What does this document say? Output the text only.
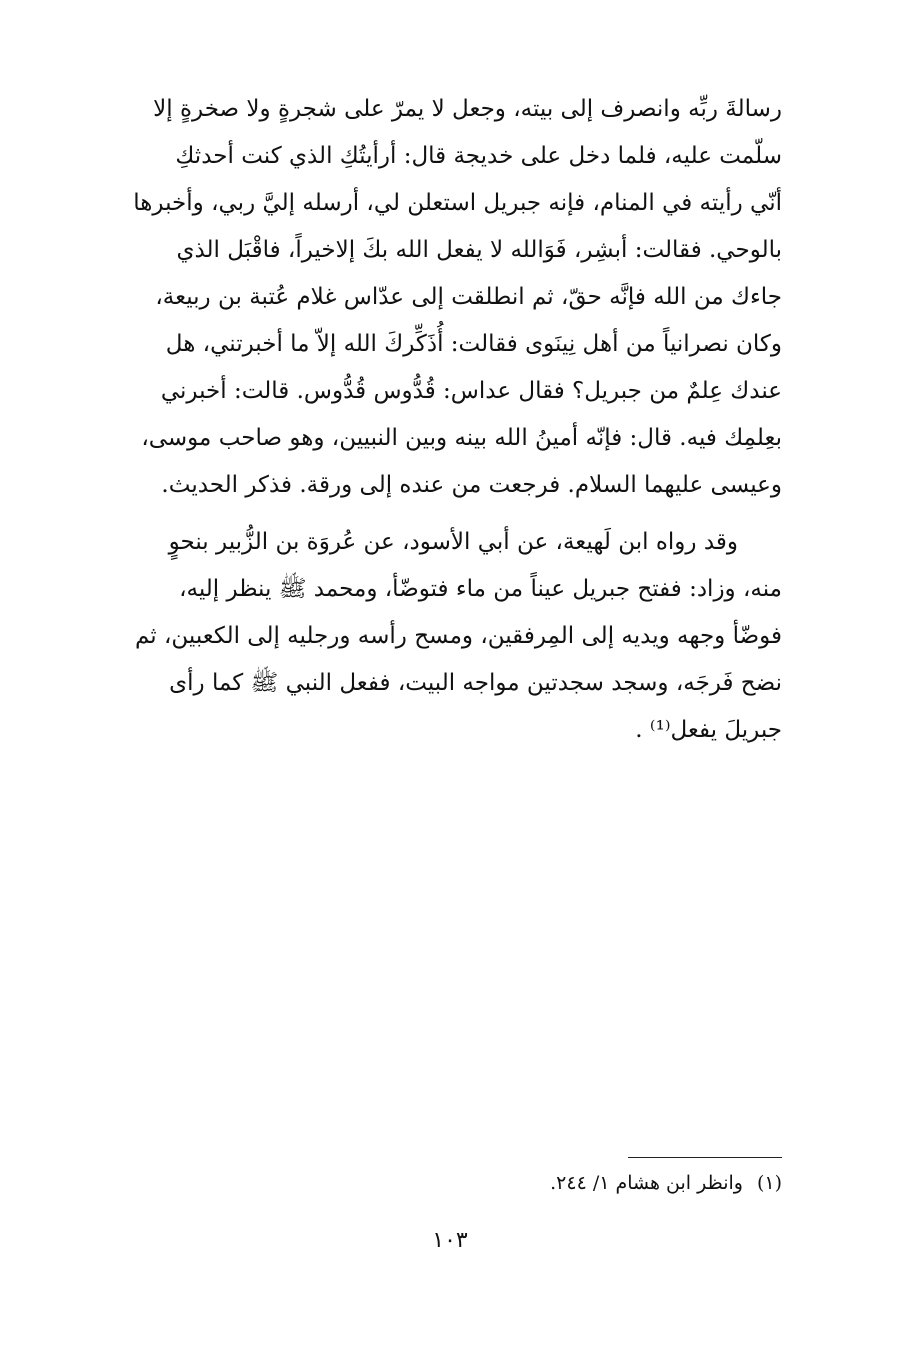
رسالةَ ربِّه وانصرف إلى بيته، وجعل لا يمرّ على شجرةٍ ولا صخرةٍ إلا
سلّمت عليه، فلما دخل على خديجة قال: أرأيتُكِ الذي كنت أحدثكِ
أنّي رأيته في المنام، فإنه جبريل استعلن لي، أرسله إليَّ ربي، وأخبرها
بالوحي. فقالت: أبشِر، فَوَالله لا يفعل الله بكَ إلاخيراً، فاقْبَل الذي
جاءك من الله فإنَّه حقّ، ثم انطلقت إلى عدّاس غلام عُتبة بن ربيعة،
وكان نصرانياً من أهل نِينَوى فقالت: أُذَكِّركَ الله إلاّ ما أخبرتني، هل
عندك عِلمٌ من جبريل؟ فقال عداس: قُدُّوس قُدُّوس. قالت: أخبرني
بعِلمِك فيه. قال: فإنّه أمينُ الله بينه وبين النبيين، وهو صاحب موسى،
وعيسى عليهما السلام. فرجعت من عنده إلى ورقة. فذكر الحديث.
وقد رواه ابن لَهيعة، عن أبي الأسود، عن عُروَة بن الزُّبير بنحوٍ
منه، وزاد: ففتح جبريل عيناً من ماء فتوضّأ، ومحمد ﷺ ينظر إليه،
فوضّأ وجهه ويديه إلى المِرفقين، ومسح رأسه ورجليه إلى الكعبين، ثم
نضح فَرجَه، وسجد سجدتين مواجه البيت، ففعل النبي ﷺ كما رأى
جبريلَ يفعل⁽¹⁾ .
(١)وانظر ابن هشام ١/ ٢٤٤.
١٠٣
